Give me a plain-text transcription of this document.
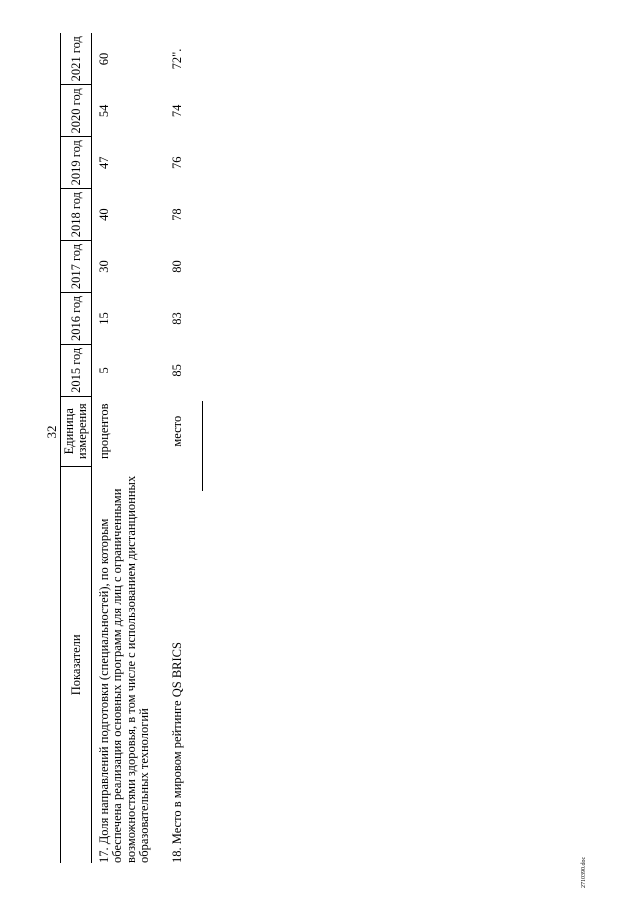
32
Показатели	Единица измерения	2015 год	2016 год	2017 год	2018 год	2019 год	2020 год	2021 год
17. Доля направлений подготовки (специальностей), по которым обеспечена реализация основных программ для лиц с ограниченными возможностями здоровья, в том числе с использованием дистанционных образовательных технологий	процентов	5	15	30	40	47	54	60
18. Место в мировом рейтинге QS BRICS	место	85	83	80	78	76	74	72".
2710390.doc
